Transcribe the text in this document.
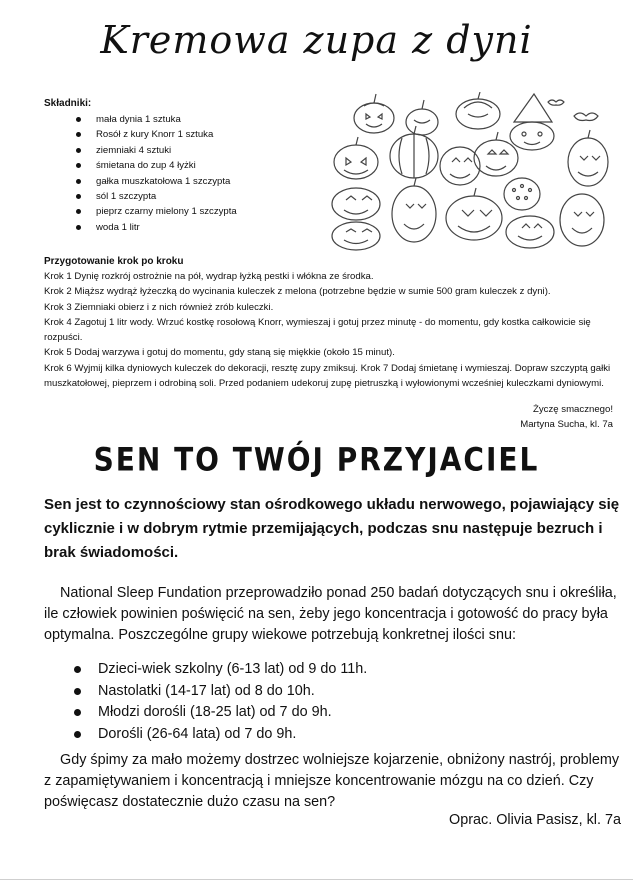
Kremowa zupa z dyni
Składniki:
mała dynia 1 sztuka
Rosół z kury Knorr 1 sztuka
ziemniaki 4 sztuki
śmietana do zup 4 łyżki
gałka muszkatołowa 1 szczypta
sól 1 szczypta
pieprz czarny mielony 1 szczypta
woda 1 litr
Przygotowanie krok po kroku
Krok 1 Dynię rozkrój ostrożnie na pół, wydrap łyżką pestki i włókna ze środka.
Krok 2 Miąższ wydrąż łyżeczką do wycinania kuleczek z melona (potrzebne będzie w sumie 500 gram kuleczek z dyni).
Krok 3 Ziemniaki obierz i z nich również zrób kuleczki.
Krok 4 Zagotuj 1 litr wody. Wrzuć kostkę rosołową Knorr, wymieszaj i gotuj przez minutę - do momentu, gdy kostka całkowicie się rozpuści.
Krok 5 Dodaj warzywa i gotuj do momentu, gdy staną się miękkie (około 15 minut).
Krok 6 Wyjmij kilka dyniowych kuleczek do dekoracji, resztę zupy zmiksuj. Krok 7 Dodaj śmietanę i wymieszaj. Dopraw szczyptą gałki muszkatołowej, pieprzem i odrobiną soli. Przed podaniem udekoruj zupę pietruszką i wyłowionymi wcześniej kuleczkami dyniowymi.
Życzę smacznego!
Martyna Sucha, kl. 7a
SEN TO TWÓJ PRZYJACIEL
Sen jest to czynnościowy stan ośrodkowego układu nerwowego, pojawiający się cyklicznie i w dobrym rytmie przemijających, podczas snu następuje bezruch i brak świadomości.
National Sleep Fundation przeprowadziło ponad 250 badań dotyczących snu i określiła, ile człowiek powinien poświęcić na sen, żeby jego koncentracja i gotowość do pracy była optymalna. Poszczególne grupy wiekowe potrzebują konkretnej ilości snu:
Dzieci-wiek szkolny (6-13 lat) od 9 do 11h.
Nastolatki (14-17 lat) od 8 do 10h.
Młodzi dorośli (18-25 lat) od 7 do 9h.
Dorośli (26-64 lata) od 7 do 9h.
Gdy śpimy za mało możemy dostrzec wolniejsze kojarzenie, obniżony nastrój, problemy z zapamiętywaniem i koncentracją i mniejsze koncentrowanie mózgu na co dzień. Czy poświęcasz dostatecznie dużo czasu na sen?
Oprac. Olivia Pasisz, kl. 7a
